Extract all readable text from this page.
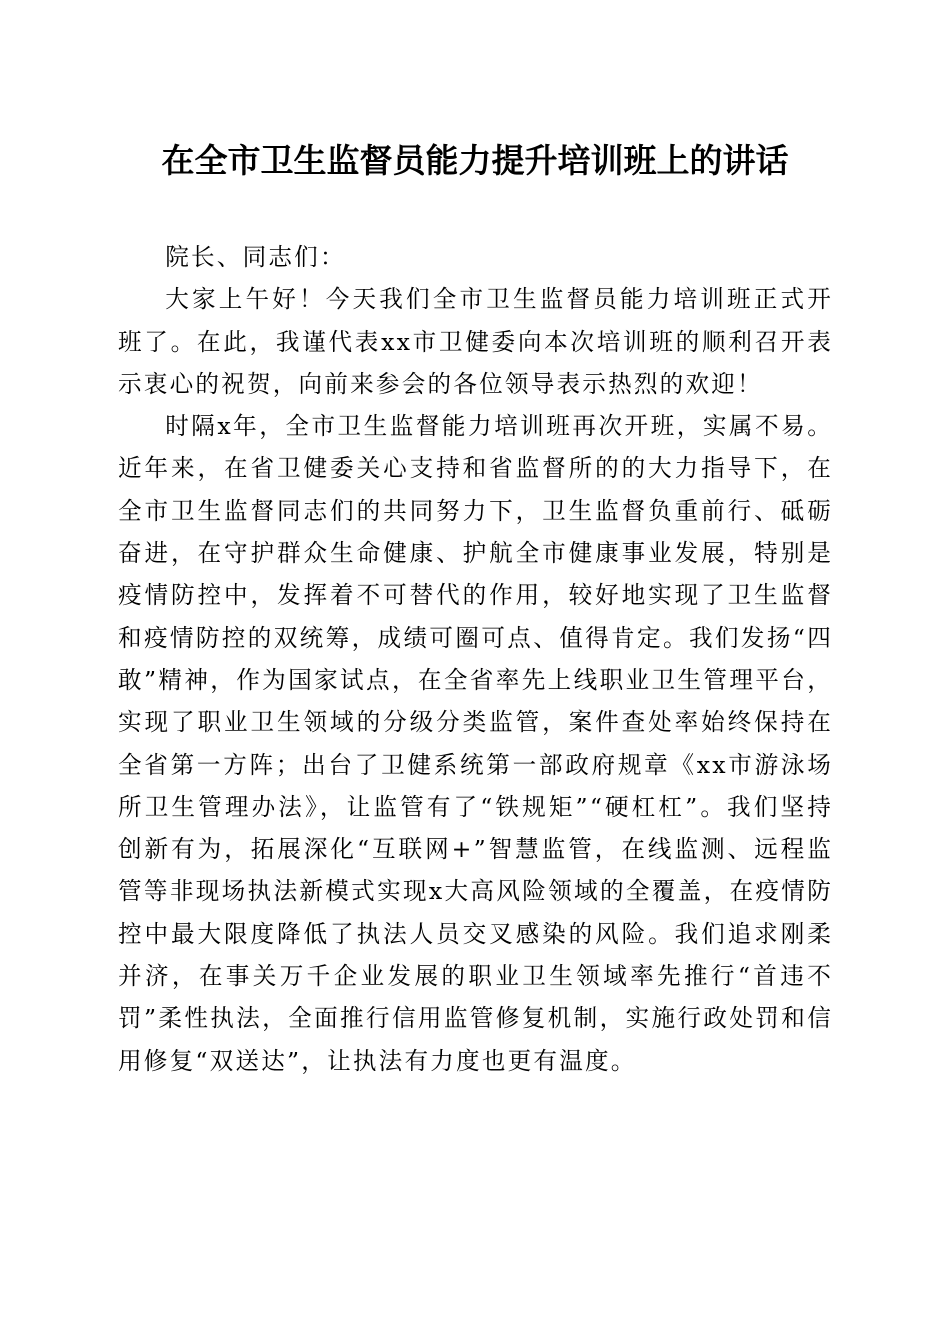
在全市卫生监督员能力提升培训班上的讲话

院长、同志们：

大家上午好！今天我们全市卫生监督员能力培训班正式开班了。在此，我谨代表xx市卫健委向本次培训班的顺利召开表示衷心的祝贺，向前来参会的各位领导表示热烈的欢迎！

时隔x年，全市卫生监督能力培训班再次开班，实属不易。近年来，在省卫健委关心支持和省监督所的的大力指导下，在全市卫生监督同志们的共同努力下，卫生监督负重前行、砥砺奋进，在守护群众生命健康、护航全市健康事业发展，特别是疫情防控中，发挥着不可替代的作用，较好地实现了卫生监督和疫情防控的双统筹，成绩可圈可点、值得肯定。我们发扬“四敢”精神，作为国家试点，在全省率先上线职业卫生管理平台，实现了职业卫生领域的分级分类监管，案件查处率始终保持在全省第一方阵；出台了卫健系统第一部政府规章《xx市游泳场所卫生管理办法》，让监管有了“铁规矩”“硬杠杠”。我们坚持创新有为，拓展深化“互联网+”智慧监管，在线监测、远程监管等非现场执法新模式实现x大高风险领域的全覆盖，在疫情防控中最大限度降低了执法人员交叉感染的风险。我们追求刚柔并济，在事关万千企业发展的职业卫生领域率先推行“首违不罚”柔性执法，全面推行信用监管修复机制，实施行政处罚和信用修复“双送达”，让执法有力度也更有温度。
